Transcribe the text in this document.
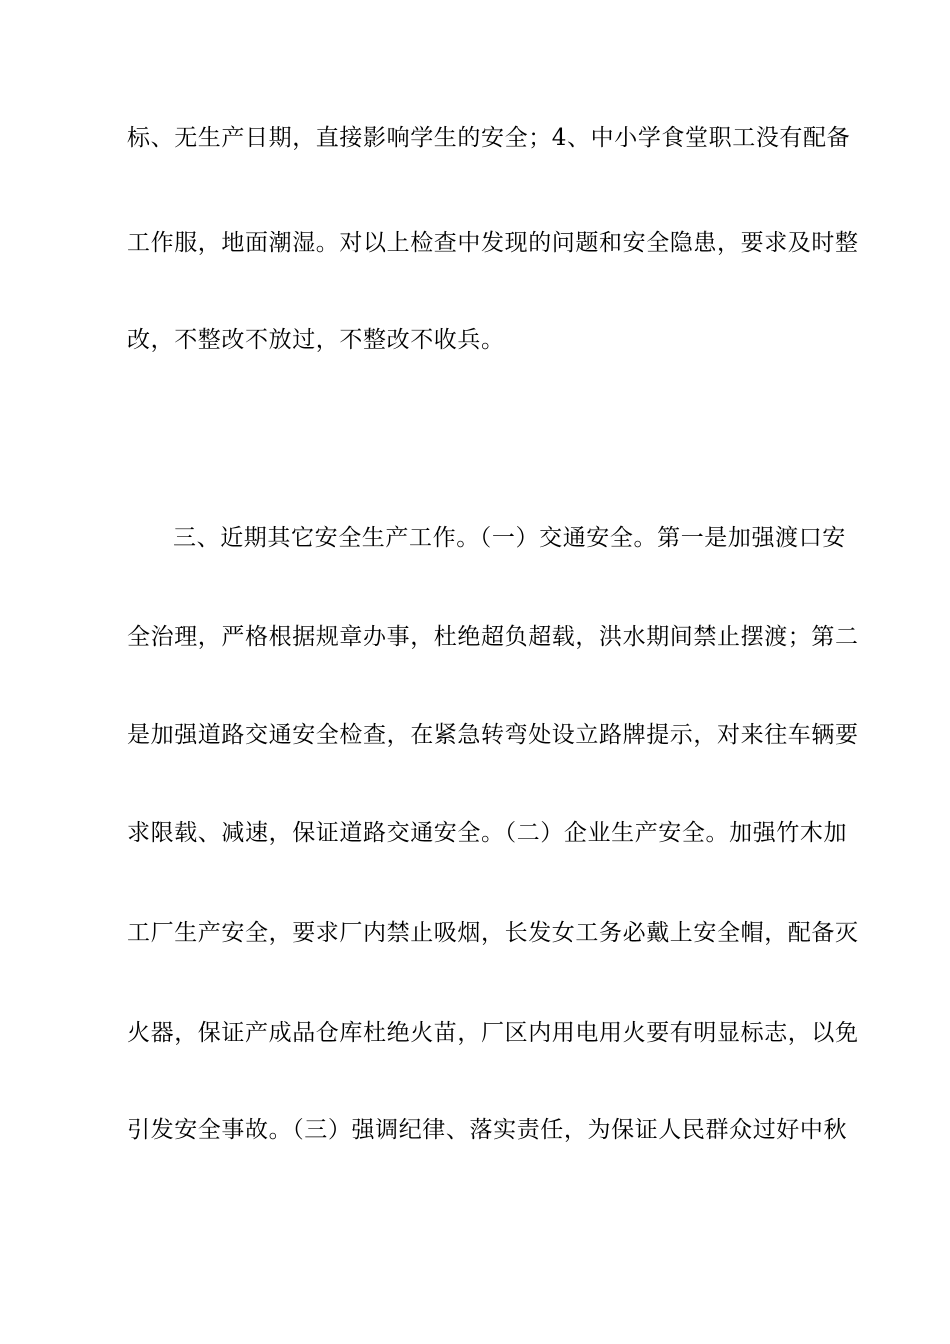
标、无生产日期，直接影响学生的安全；4、中小学食堂职工没有配备
工作服，地面潮湿。对以上检查中发现的问题和安全隐患，要求及时整
改，不整改不放过，不整改不收兵。
三、近期其它安全生产工作。（一）交通安全。第一是加强渡口安
全治理，严格根据规章办事，杜绝超负超载，洪水期间禁止摆渡；第二
是加强道路交通安全检查，在紧急转弯处设立路牌提示，对来往车辆要
求限载、减速，保证道路交通安全。（二）企业生产安全。加强竹木加
工厂生产安全，要求厂内禁止吸烟，长发女工务必戴上安全帽，配备灭
火器，保证产成品仓库杜绝火苗，厂区内用电用火要有明显标志，以免
引发安全事故。（三）强调纪律、落实责任，为保证人民群众过好中秋
